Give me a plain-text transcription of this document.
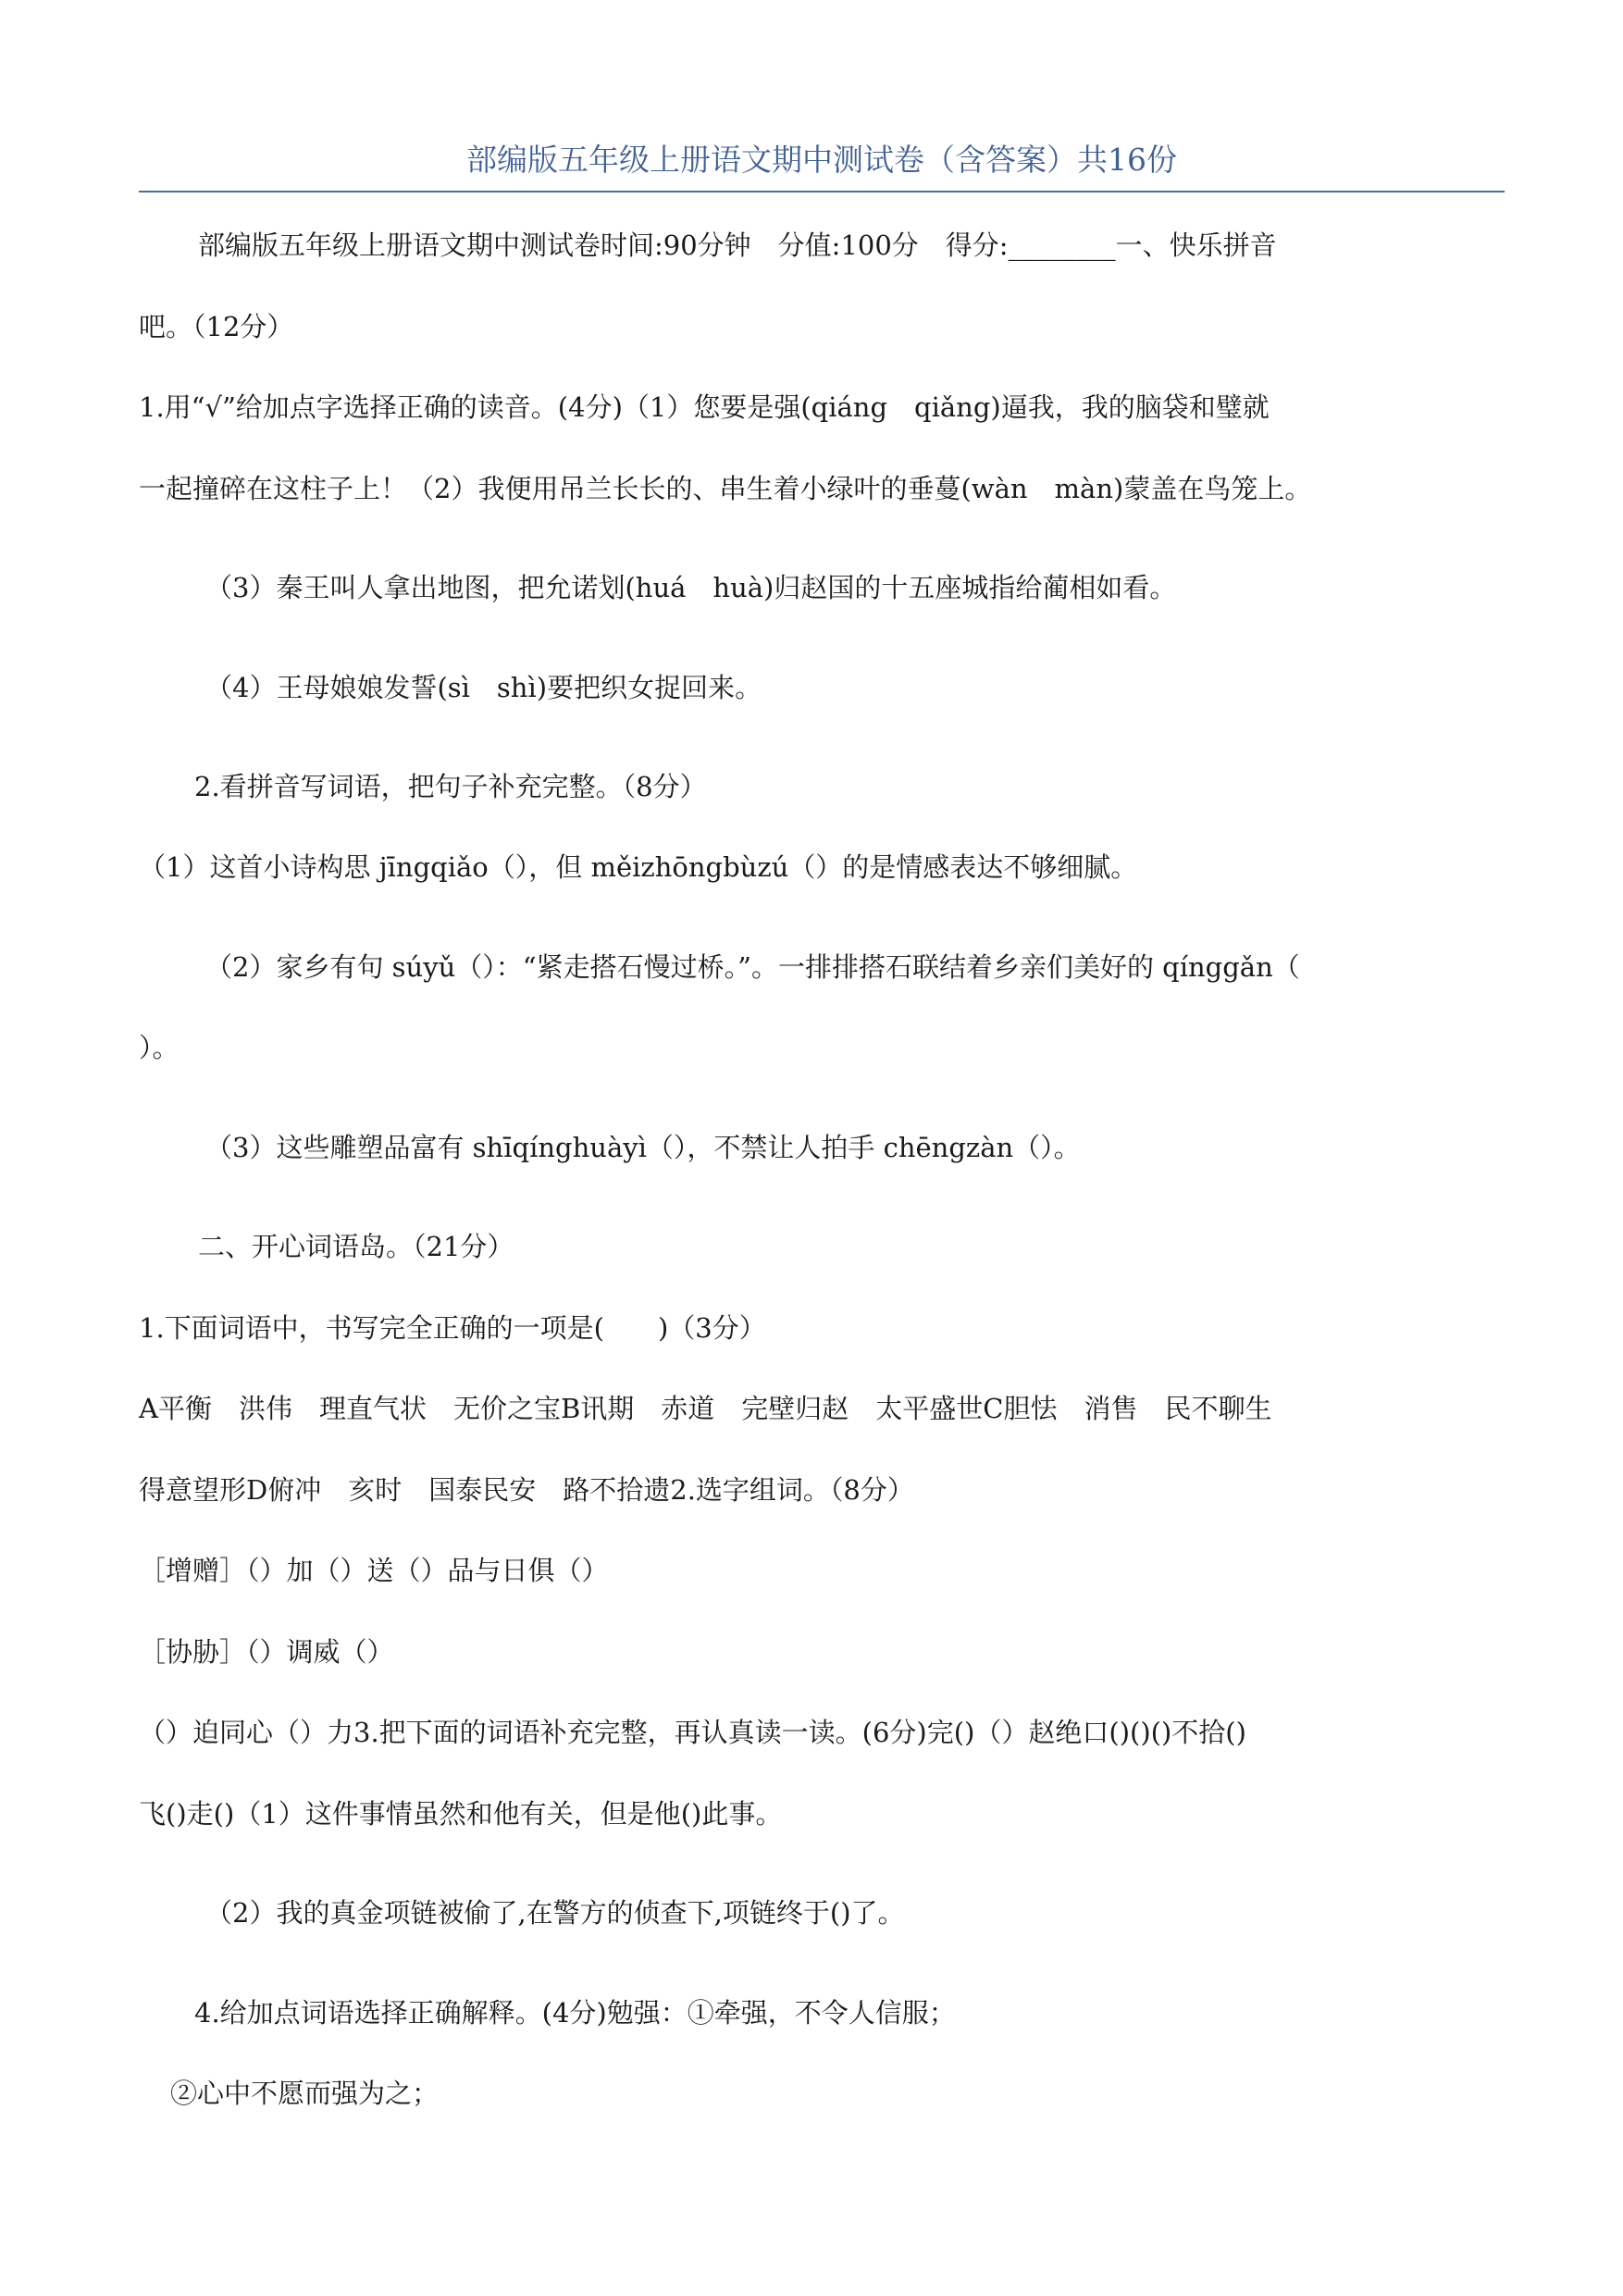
部编版五年级上册语文期中测试卷（含答案）共16份
部编版五年级上册语文期中测试卷时间:90分钟　分值:100分　得分:________一、快乐拼音
吧。（12分）
1.用“√”给加点字选择正确的读音。(4分)（1）您要是强(qiáng　qiǎng)逼我，我的脑袋和璧就
一起撞碎在这柱子上！（2）我便用吊兰长长的、串生着小绿叶的垂蔓(wàn　màn)蒙盖在鸟笼上。
（3）秦王叫人拿出地图，把允诺划(huá　huà)归赵国的十五座城指给蔺相如看。
（4）王母娘娘发誓(sì　shì)要把织女捉回来。
2.看拼音写词语，把句子补充完整。（8分）
（1）这首小诗构思 jīngqiǎo（），但 měizhōngbùzú（）的是情感表达不够细腻。
（2）家乡有句 súyǔ（）：“紧走搭石慢过桥。”。一排排搭石联结着乡亲们美好的 qínggǎn（
）。
（3）这些雕塑品富有 shīqínghuàyì（），不禁让人拍手 chēngzàn（）。
二、开心词语岛。（21分）
1.下面词语中，书写完全正确的一项是(　　)（3分）
A平衡　洪伟　理直气状　无价之宝B讯期　赤道　完壁归赵　太平盛世C胆怯　消售　民不聊生
得意望形D俯冲　亥时　国泰民安　路不拾遗2.选字组词。（8分）
［增赠］（）加（）送（）品与日俱（）
［协胁］（）调威（）
（）迫同心（）力3.把下面的词语补充完整，再认真读一读。(6分)完()（）赵绝口()()()不拾()
飞()走()（1）这件事情虽然和他有关，但是他()此事。
（2）我的真金项链被偷了,在警方的侦查下,项链终于()了。
4.给加点词语选择正确解释。(4分)勉强：①牵强，不令人信服；
②心中不愿而强为之；
